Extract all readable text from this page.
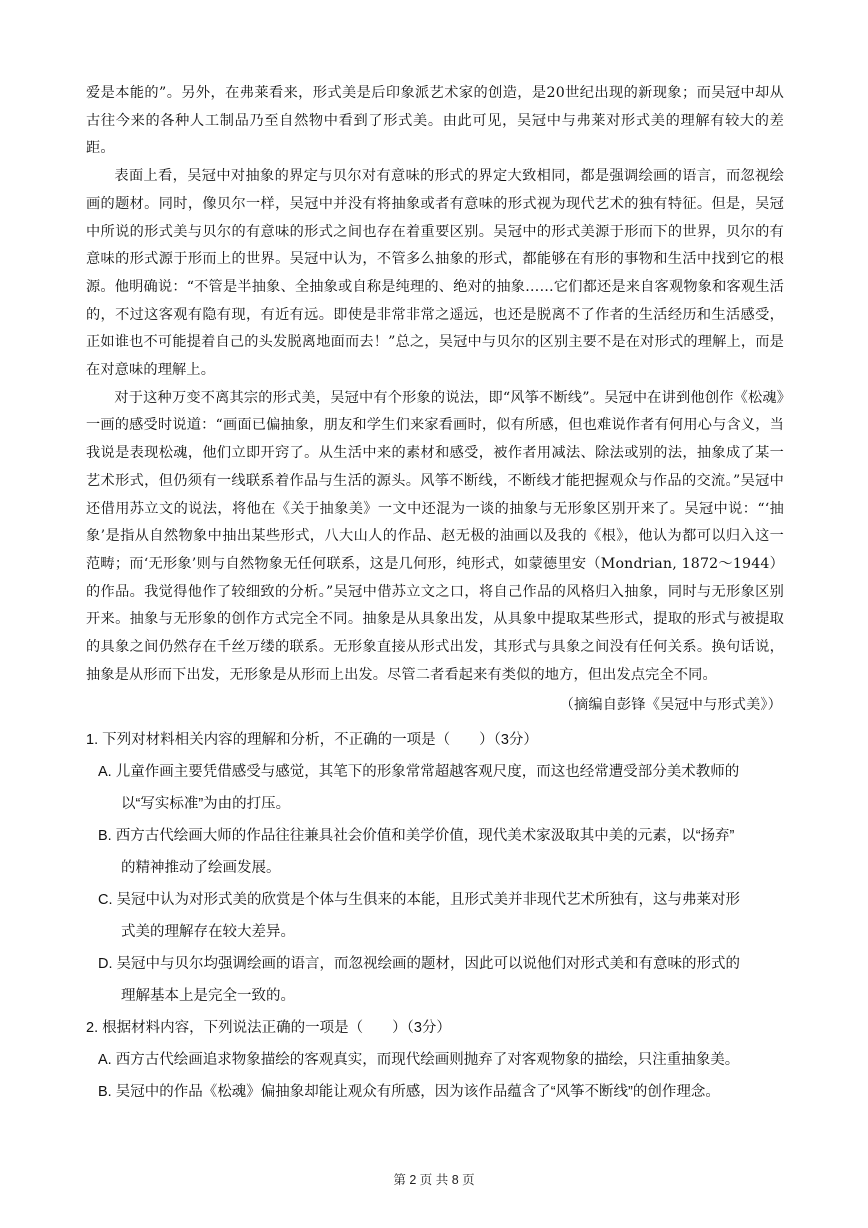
爱是本能的”。另外，在弗莱看来，形式美是后印象派艺术家的创造，是20世纪出现的新现象；而吴冠中却从古往今来的各种人工制品乃至自然物中看到了形式美。由此可见，吴冠中与弗莱对形式美的理解有较大的差距。

表面上看，吴冠中对抽象的界定与贝尔对有意味的形式的界定大致相同，都是强调绘画的语言，而忽视绘画的题材。同时，像贝尔一样，吴冠中并没有将抽象或者有意味的形式视为现代艺术的独有特征。但是，吴冠中所说的形式美与贝尔的有意味的形式之间也存在着重要区别。吴冠中的形式美源于形而下的世界，贝尔的有意味的形式源于形而上的世界。吴冠中认为，不管多么抽象的形式，都能够在有形的事物和生活中找到它的根源。他明确说：“不管是半抽象、全抽象或自称是纯理的、绝对的抽象……它们都还是来自客观物象和客观生活的，不过这客观有隐有现，有近有远。即使是非常非常之遥远，也还是脱离不了作者的生活经历和生活感受，正如谁也不可能提着自己的头发脱离地面而去！”总之，吴冠中与贝尔的区别主要不是在对形式的理解上，而是在对意味的理解上。

对于这种万变不离其宗的形式美，吴冠中有个形象的说法，即“风筝不断线”。吴冠中在讲到他创作《松魂》一画的感受时说道：“画面已偏抽象，朋友和学生们来家看画时，似有所感，但也难说作者有何用心与含义，当我说是表现松魂，他们立即开窍了。从生活中来的素材和感受，被作者用减法、除法或别的法，抽象成了某一艺术形式，但仍须有一线联系着作品与生活的源头。风筝不断线，不断线才能把握观众与作品的交流。”吴冠中还借用苏立文的说法，将他在《关于抽象美》一文中还混为一谈的抽象与无形象区别开来了。吴冠中说：“‘抽象’是指从自然物象中抽出某些形式，八大山人的作品、赵无极的油画以及我的《根》，他认为都可以归入这一范畴；而‘无形象’则与自然物象无任何联系，这是几何形，纯形式，如蒙德里安（Mondrian, 1872～1944）的作品。我觉得他作了较细致的分析。”吴冠中借苏立文之口，将自己作品的风格归入抽象，同时与无形象区别开来。抽象与无形象的创作方式完全不同。抽象是从具象出发，从具象中提取某些形式，提取的形式与被提取的具象之间仍然存在千丝万缕的联系。无形象直接从形式出发，其形式与具象之间没有任何关系。换句话说，抽象是从形而下出发，无形象是从形而上出发。尽管二者看起来有类似的地方，但出发点完全不同。

（摘编自彭锋《吴冠中与形式美》）

1. 下列对材料相关内容的理解和分析，不正确的一项是（　　）（3分）

A. 儿童作画主要凭借感受与感觉，其笔下的形象常常超越客观尺度，而这也经常遭受部分美术教师的
以“写实标准”为由的打压。
B. 西方古代绘画大师的作品往往兼具社会价值和美学价值，现代美术家汲取其中美的元素，以“扬弃”
的精神推动了绘画发展。
C. 吴冠中认为对形式美的欣赏是个体与生俱来的本能，且形式美并非现代艺术所独有，这与弗莱对形
式美的理解存在较大差异。
D. 吴冠中与贝尔均强调绘画的语言，而忽视绘画的题材，因此可以说他们对形式美和有意味的形式的
理解基本上是完全一致的。

2. 根据材料内容，下列说法正确的一项是（　　）（3分）

A. 西方古代绘画追求物象描绘的客观真实，而现代绘画则抛弃了对客观物象的描绘，只注重抽象美。
B. 吴冠中的作品《松魂》偏抽象却能让观众有所感，因为该作品蕴含了“风筝不断线”的创作理念。
第 2 页 共 8 页
